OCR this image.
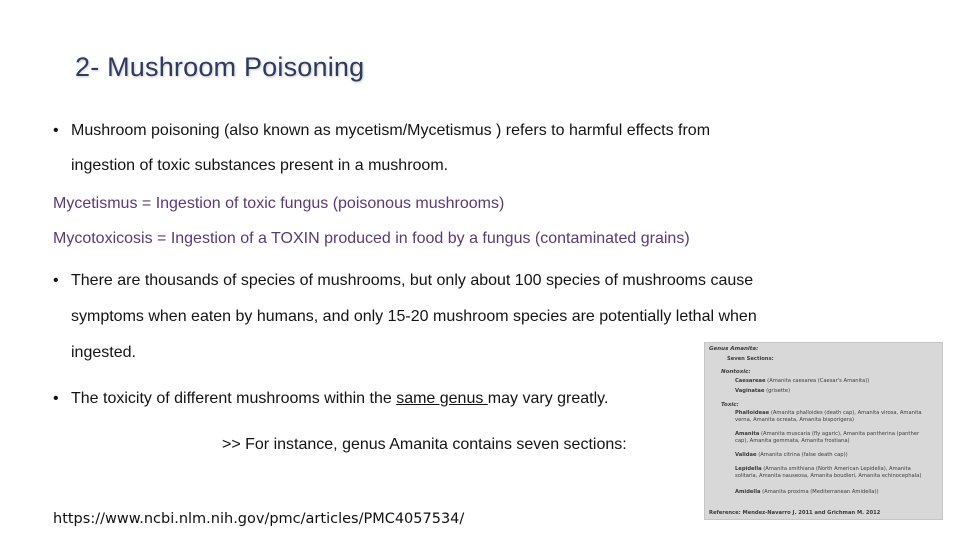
2- Mushroom Poisoning
• Mushroom poisoning (also known as mycetism/Mycetismus ) refers to harmful effects from
ingestion of toxic substances present in a mushroom.
Mycetismus = Ingestion of toxic fungus (poisonous mushrooms)
Mycotoxicosis = Ingestion of a TOXIN produced in food by a fungus (contaminated grains)
• There are thousands of species of mushrooms, but only about 100 species of mushrooms cause
symptoms when eaten by humans, and only 15-20 mushroom species are potentially lethal when
ingested.
• The toxicity of different mushrooms within the same genus may vary greatly.
>> For instance, genus Amanita contains seven sections:
https://www.ncbi.nlm.nih.gov/pmc/articles/PMC4057534/
Genus Amanita:
Seven Sections:
Nontoxic:
Caesareae (Amanita caesarea (Caesar's Amanita))
Vaginatae (grisette)
Toxic:
Phalloideae (Amanita phalloides (death cap), Amanita virosa, Amanita
verna, Amanita ocreata, Amanita bisporigera)
Amanita (Amanita muscaria (fly agaric), Amanita pantherina (panther
cap), Amanita gemmata, Amanita frostiana)
Validae (Amanita citrina (false death cap))
Lepidella (Amanita smithiana (North American Lepidella), Amanita
solitaria, Amanita nauseosa, Amanita boudieri, Amanita echinocephala)
Amidella (Amanita proxima (Mediterranean Amidella))
Reference: Mendez-Navarro J. 2011 and Grichman M. 2012
